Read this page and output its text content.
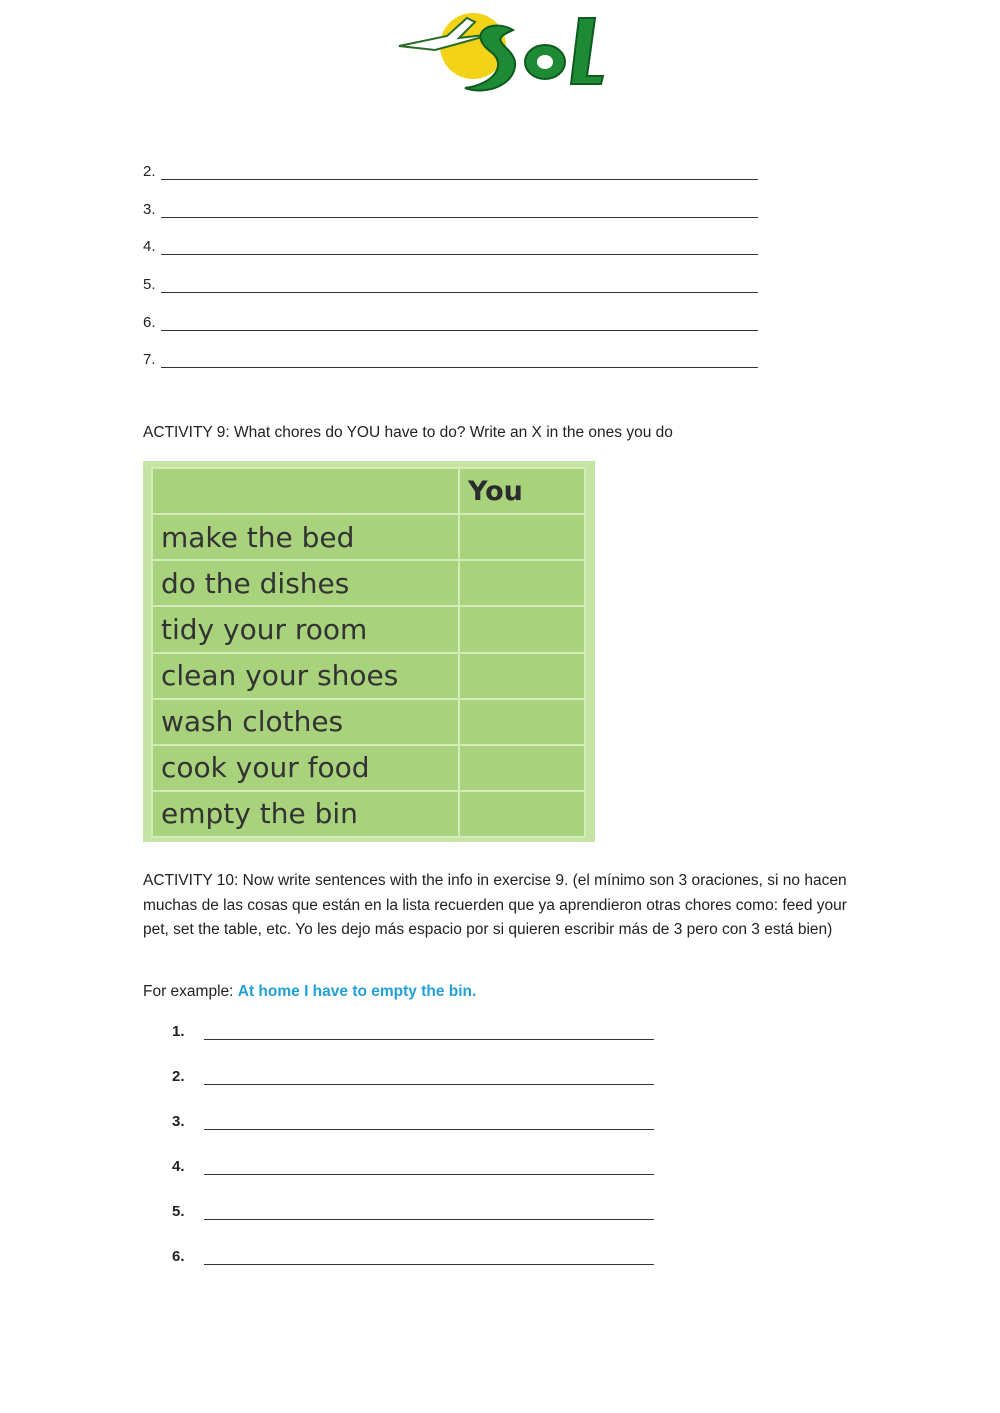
2.
3.
4.
5.
6.
7.
ACTIVITY 9: What chores do YOU have to do? Write an X in the ones you do
	You
make the bed	
do the dishes	
tidy your room	
clean your shoes	
wash clothes	
cook your food	
empty the bin	
ACTIVITY 10: Now write sentences with the info in exercise 9. (el mínimo son 3 oraciones, si no hacen muchas de las cosas que están en la lista recuerden que ya aprendieron otras chores como: feed your pet, set the table, etc. Yo les dejo más espacio por si quieren escribir más de 3 pero con 3 está bien)
For example: At home I have to empty the bin.
1.
2.
3.
4.
5.
6.
